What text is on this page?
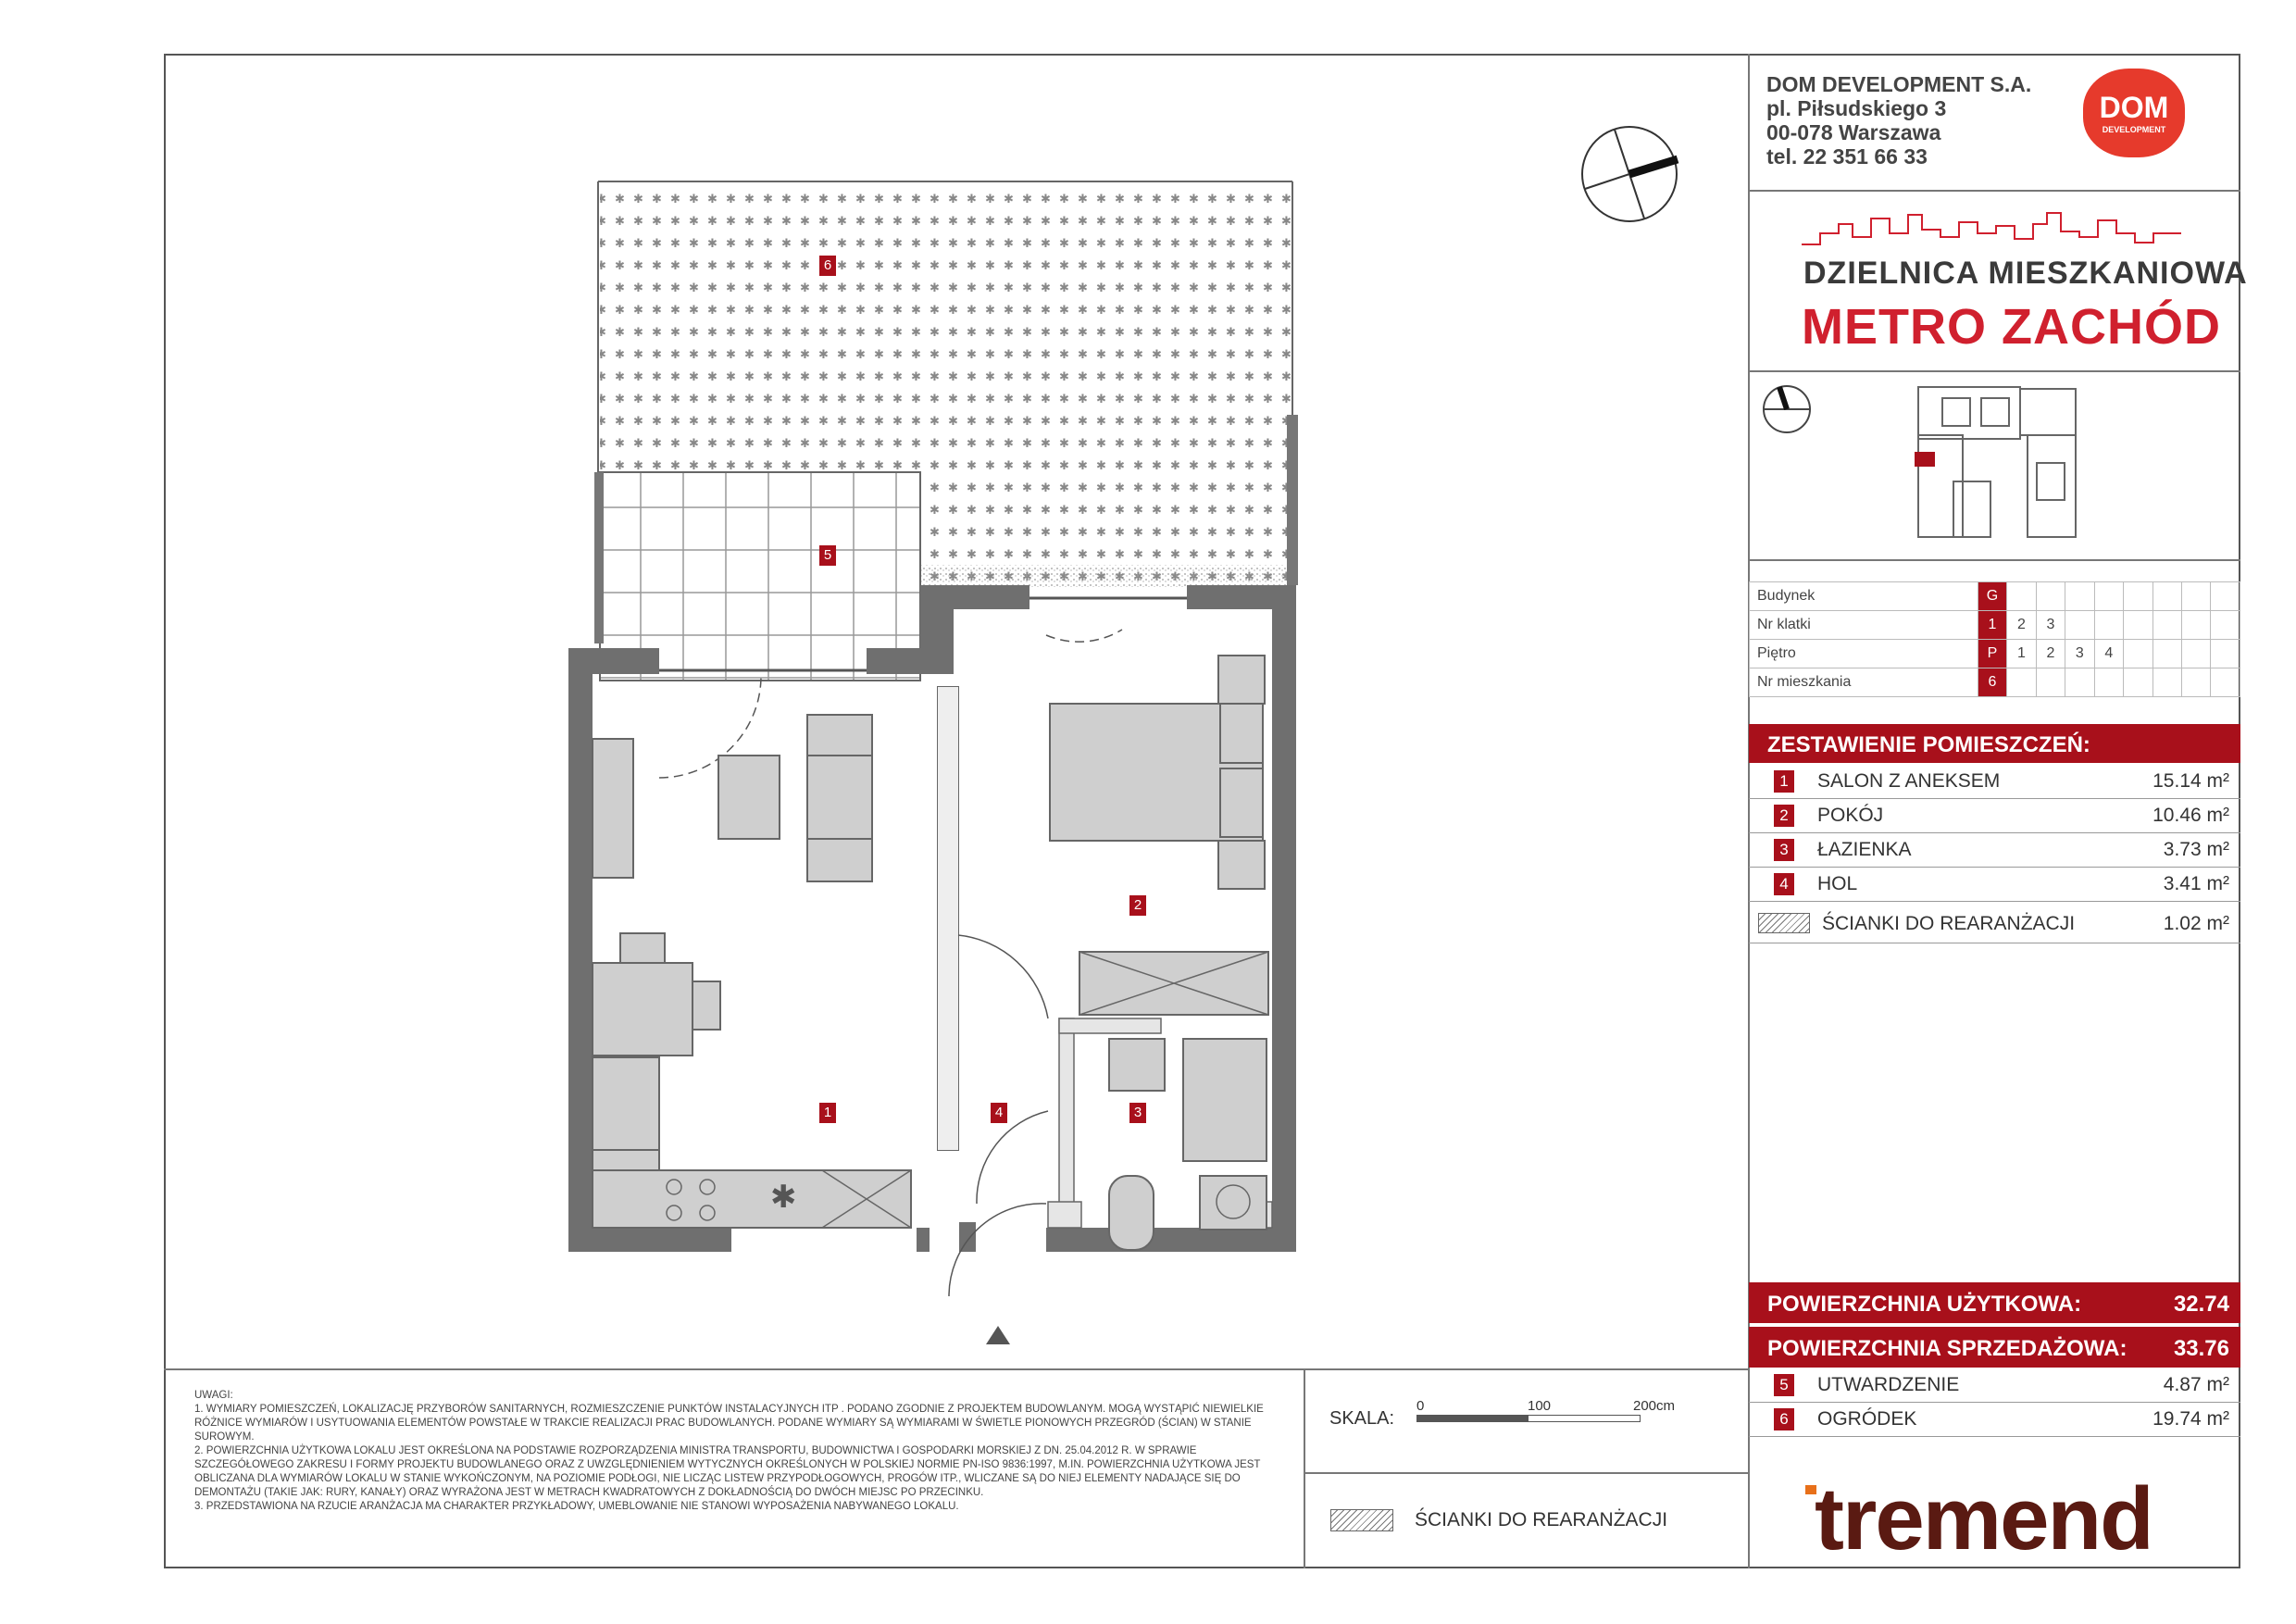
DOM DEVELOPMENT S.A.
pl. Piłsudskiego 3
00-078 Warszawa
tel. 22 351 66 33
DOM
DEVELOPMENT
DZIELNICA MIESZKANIOWA
METRO ZACHÓD
Budynek	G								
Nr klatki	1	2	3						
Piętro	P	1	2	3	4				
Nr mieszkania	6								
ZESTAWIENIE POMIESZCZEŃ:
1 SALON Z ANEKSEM	15.14 m²
2 POKÓJ	10.46 m²
3 ŁAZIENKA	3.73 m²
4 HOL	3.41 m²
ŚCIANKI DO REARANŻACJI	1.02 m²
POWIERZCHNIA UŻYTKOWA:	32.74
POWIERZCHNIA SPRZEDAŻOWA: 33.76
5 UTWARDZENIE	4.87 m²
6 OGRÓDEK	19.74 m²
tremend
SKALA:
0	100	200cm
ŚCIANKI DO REARANŻACJI
UWAGI:
1. WYMIARY POMIESZCZEŃ, LOKALIZACJĘ PRZYBORÓW SANITARNYCH, ROZMIESZCZENIE PUNKTÓW INSTALACYJNYCH ITP . PODANO ZGODNIE Z PROJEKTEM BUDOWLANYM. MOGĄ WYSTĄPIĆ NIEWIELKIE RÓŻNICE WYMIARÓW I USYTUOWANIA ELEMENTÓW POWSTAŁE W TRAKCIE REALIZACJI PRAC BUDOWLANYCH. PODANE WYMIARY SĄ WYMIARAMI W ŚWIETLE PIONOWYCH PRZEGRÓD (ŚCIAN) W STANIE SUROWYM.
2. POWIERZCHNIA UŻYTKOWA LOKALU JEST OKREŚLONA NA PODSTAWIE ROZPORZĄDZENIA MINISTRA TRANSPORTU, BUDOWNICTWA I GOSPODARKI MORSKIEJ Z DN. 25.04.2012 R. W SPRAWIE SZCZEGÓŁOWEGO ZAKRESU I FORMY PROJEKTU BUDOWLANEGO ORAZ Z UWZGLĘDNIENIEM WYTYCZNYCH OKREŚLONYCH W POLSKIEJ NORMIE PN-ISO 9836:1997, M.IN. POWIERZCHNIA UŻYTKOWA JEST OBLICZANA DLA WYMIARÓW LOKALU W STANIE WYKOŃCZONYM, NA POZIOMIE PODŁOGI, NIE LICZĄC LISTEW PRZYPODŁOGOWYCH, PROGÓW ITP., WLICZANE SĄ DO NIEJ ELEMENTY NADAJĄCE SIĘ DO DEMONTAŻU (TAKIE JAK: RURY, KANAŁY) ORAZ WYRAŻONA JEST W METRACH KWADRATOWYCH Z DOKŁADNOŚCIĄ DO DWÓCH MIEJSC PO PRZECINKU.
3. PRZEDSTAWIONA NA RZUCIE ARANŻACJA MA CHARAKTER PRZYKŁADOWY, UMEBLOWANIE NIE STANOWI WYPOSAŻENIA NABYWANEGO LOKALU.
✱
1
2
3
4
5
6
